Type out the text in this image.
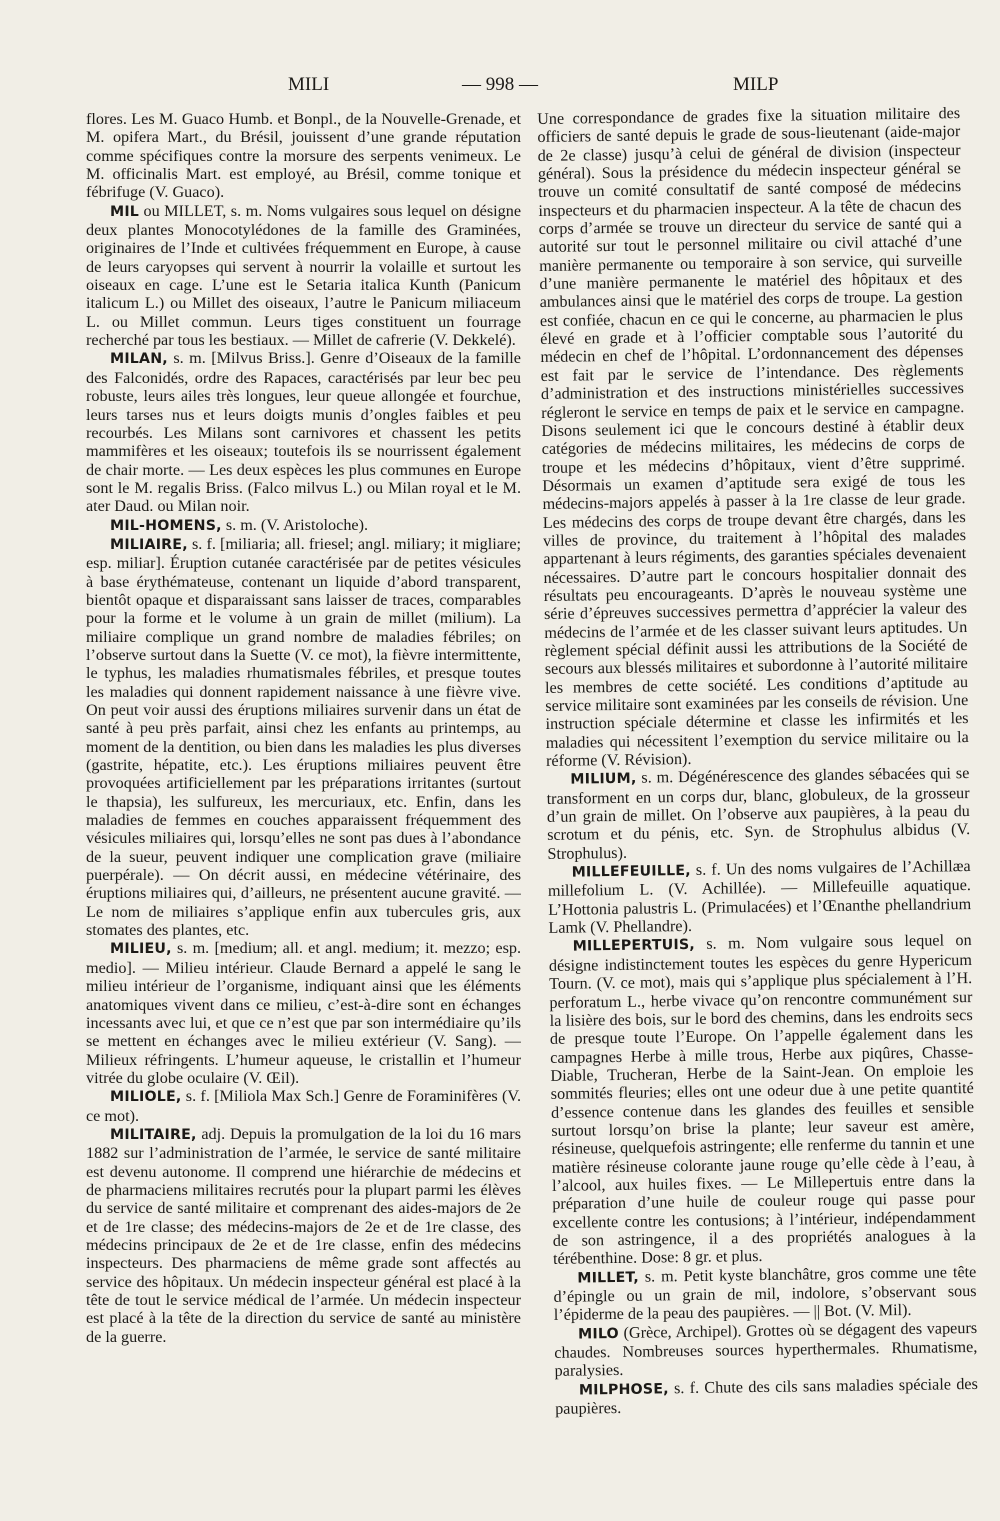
MILI	— 998 —	MILP

flores. Les M. Guaco Humb. et Bonpl., de la Nouvelle-Grenade, et M. opifera Mart., du Brésil, jouissent d’une grande réputation comme spécifiques contre la morsure des serpents venimeux. Le M. officinalis Mart. est employé, au Brésil, comme tonique et fébrifuge (V. Guaco).

MIL ou MILLET, s. m. Noms vulgaires sous lequel on désigne deux plantes Monocotylédones de la famille des Graminées, originaires de l’Inde et cultivées fréquemment en Europe, à cause de leurs caryopses qui servent à nourrir la volaille et surtout les oiseaux en cage. L’une est le Setaria italica Kunth (Panicum italicum L.) ou Millet des oiseaux, l’autre le Panicum miliaceum L. ou Millet commun. Leurs tiges constituent un fourrage recherché par tous les bestiaux. — Millet de cafrerie (V. Dekkelé).

MILAN, s. m. [Milvus Briss.]. Genre d’Oiseaux de la famille des Falconidés, ordre des Rapaces, caractérisés par leur bec peu robuste, leurs ailes très longues, leur queue allongée et fourchue, leurs tarses nus et leurs doigts munis d’ongles faibles et peu recourbés. Les Milans sont carnivores et chassent les petits mammifères et les oiseaux; toutefois ils se nourrissent également de chair morte. — Les deux espèces les plus communes en Europe sont le M. regalis Briss. (Falco milvus L.) ou Milan royal et le M. ater Daud. ou Milan noir.

MIL-HOMENS, s. m. (V. Aristoloche).

MILIAIRE, s. f. [miliaria; all. friesel; angl. miliary; it migliare; esp. miliar]. Éruption cutanée caractérisée par de petites vésicules à base érythémateuse, contenant un liquide d’abord transparent, bientôt opaque et disparaissant sans laisser de traces, comparables pour la forme et le volume à un grain de millet (milium). La miliaire complique un grand nombre de maladies fébriles; on l’observe surtout dans la Suette (V. ce mot), la fièvre intermittente, le typhus, les maladies rhumatismales fébriles, et presque toutes les maladies qui donnent rapidement naissance à une fièvre vive. On peut voir aussi des éruptions miliaires survenir dans un état de santé à peu près parfait, ainsi chez les enfants au printemps, au moment de la dentition, ou bien dans les maladies les plus diverses (gastrite, hépatite, etc.). Les éruptions miliaires peuvent être provoquées artificiellement par les préparations irritantes (surtout le thapsia), les sulfureux, les mercuriaux, etc. Enfin, dans les maladies de femmes en couches apparaissent fréquemment des vésicules miliaires qui, lorsqu’elles ne sont pas dues à l’abondance de la sueur, peuvent indiquer une complication grave (miliaire puerpérale). — On décrit aussi, en médecine vétérinaire, des éruptions miliaires qui, d’ailleurs, ne présentent aucune gravité. — Le nom de miliaires s’applique enfin aux tubercules gris, aux stomates des plantes, etc.

MILIEU, s. m. [medium; all. et angl. medium; it. mezzo; esp. medio]. — Milieu intérieur. Claude Bernard a appelé le sang le milieu intérieur de l’organisme, indiquant ainsi que les éléments anatomiques vivent dans ce milieu, c’est-à-dire sont en échanges incessants avec lui, et que ce n’est que par son intermédiaire qu’ils se mettent en échanges avec le milieu extérieur (V. Sang). — Milieux réfringents. L’humeur aqueuse, le cristallin et l’humeur vitrée du globe oculaire (V. Œil).

MILIOLE, s. f. [Miliola Max Sch.] Genre de Foraminifères (V. ce mot).

MILITAIRE, adj. Depuis la promulgation de la loi du 16 mars 1882 sur l’administration de l’armée, le service de santé militaire est devenu autonome. Il comprend une hiérarchie de médecins et de pharmaciens militaires recrutés pour la plupart parmi les élèves du service de santé militaire et comprenant des aides-majors de 2e et de 1re classe; des médecins-majors de 2e et de 1re classe, des médecins principaux de 2e et de 1re classe, enfin des médecins inspecteurs. Des pharmaciens de même grade sont affectés au service des hôpitaux. Un médecin inspecteur général est placé à la tête de tout le service médical de l’armée. Un médecin inspecteur est placé à la tête de la direction du service de santé au ministère de la guerre.

Une correspondance de grades fixe la situation militaire des officiers de santé depuis le grade de sous-lieutenant (aide-major de 2e classe) jusqu’à celui de général de division (inspecteur général). Sous la présidence du médecin inspecteur général se trouve un comité consultatif de santé composé de médecins inspecteurs et du pharmacien inspecteur. A la tête de chacun des corps d’armée se trouve un directeur du service de santé qui a autorité sur tout le personnel militaire ou civil attaché d’une manière permanente ou temporaire à son service, qui surveille d’une manière permanente le matériel des hôpitaux et des ambulances ainsi que le matériel des corps de troupe. La gestion est confiée, chacun en ce qui le concerne, au pharmacien le plus élevé en grade et à l’officier comptable sous l’autorité du médecin en chef de l’hôpital. L’ordonnancement des dépenses est fait par le service de l’intendance. Des règlements d’administration et des instructions ministérielles successives régleront le service en temps de paix et le service en campagne. Disons seulement ici que le concours destiné à établir deux catégories de médecins militaires, les médecins de corps de troupe et les médecins d’hôpitaux, vient d’être supprimé. Désormais un examen d’aptitude sera exigé de tous les médecins-majors appelés à passer à la 1re classe de leur grade. Les médecins des corps de troupe devant être chargés, dans les villes de province, du traitement à l’hôpital des malades appartenant à leurs régiments, des garanties spéciales devenaient nécessaires. D’autre part le concours hospitalier donnait des résultats peu encourageants. D’après le nouveau système une série d’épreuves successives permettra d’apprécier la valeur des médecins de l’armée et de les classer suivant leurs aptitudes. Un règlement spécial définit aussi les attributions de la Société de secours aux blessés militaires et subordonne à l’autorité militaire les membres de cette société. Les conditions d’aptitude au service militaire sont examinées par les conseils de révision. Une instruction spéciale détermine et classe les infirmités et les maladies qui nécessitent l’exemption du service militaire ou la réforme (V. Révision).

MILIUM, s. m. Dégénérescence des glandes sébacées qui se transforment en un corps dur, blanc, globuleux, de la grosseur d’un grain de millet. On l’observe aux paupières, à la peau du scrotum et du pénis, etc. Syn. de Strophulus albidus (V. Strophulus).

MILLEFEUILLE, s. f. Un des noms vulgaires de l’Achillæa millefolium L. (V. Achillée). — Millefeuille aquatique. L’Hottonia palustris L. (Primulacées) et l’Œnanthe phellandrium Lamk (V. Phellandre).

MILLEPERTUIS, s. m. Nom vulgaire sous lequel on désigne indistinctement toutes les espèces du genre Hypericum Tourn. (V. ce mot), mais qui s’applique plus spécialement à l’H. perforatum L., herbe vivace qu’on rencontre communément sur la lisière des bois, sur le bord des chemins, dans les endroits secs de presque toute l’Europe. On l’appelle également dans les campagnes Herbe à mille trous, Herbe aux piqûres, Chasse-Diable, Trucheran, Herbe de la Saint-Jean. On emploie les sommités fleuries; elles ont une odeur due à une petite quantité d’essence contenue dans les glandes des feuilles et sensible surtout lorsqu’on brise la plante; leur saveur est amère, résineuse, quelquefois astringente; elle renferme du tannin et une matière résineuse colorante jaune rouge qu’elle cède à l’eau, à l’alcool, aux huiles fixes. — Le Millepertuis entre dans la préparation d’une huile de couleur rouge qui passe pour excellente contre les contusions; à l’intérieur, indépendamment de son astringence, il a des propriétés analogues à la térébenthine. Dose: 8 gr. et plus.

MILLET, s. m. Petit kyste blanchâtre, gros comme une tête d’épingle ou un grain de mil, indolore, s’observant sous l’épiderme de la peau des paupières. — || Bot. (V. Mil).

MILO (Grèce, Archipel). Grottes où se dégagent des vapeurs chaudes. Nombreuses sources hyperthermales. Rhumatisme, paralysies.

MILPHOSE, s. f. Chute des cils sans maladies spéciale des paupières.
